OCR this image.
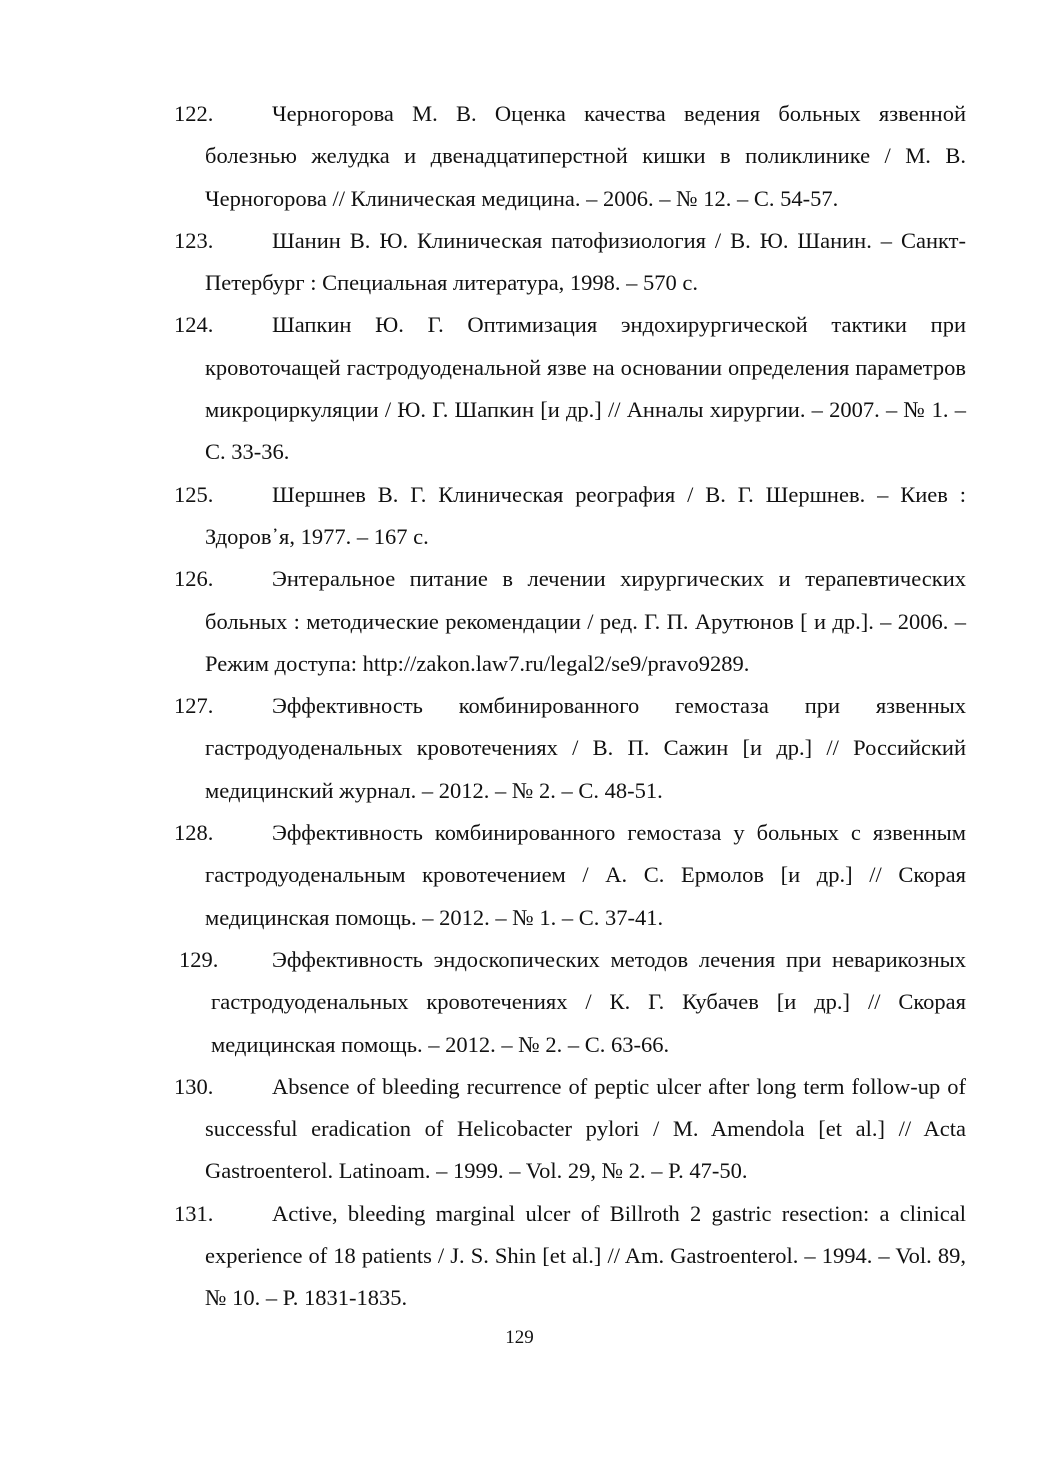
122.	Черногорова М. В. Оценка качества ведения больных язвенной болезнью желудка и двенадцатиперстной кишки в поликлинике / М. В. Черногорова // Клиническая медицина. – 2006. – № 12. – С. 54-57.

123.	Шанин В. Ю. Клиническая патофизиология / В. Ю. Шанин. – Санкт-Петербург : Специальная литература, 1998. – 570 с.

124.	Шапкин Ю. Г. Оптимизация эндохирургической тактики при кровоточащей гастродуоденальной язве на основании определения параметров микроциркуляции / Ю. Г. Шапкин [и др.] // Анналы хирургии. – 2007. – № 1. – С. 33-36.

125.	Шершнев В. Г. Клиническая реография / В. Г. Шершнев. – Киев : Здоров᾽я, 1977. – 167 с.

126.	Энтеральное питание в лечении хирургических и терапевтических больных : методические рекомендации / ред. Г. П. Арутюнов [ и др.]. – 2006. – Режим доступа: http://zakon.law7.ru/legal2/se9/pravo9289.

127.	Эффективность комбинированного гемостаза при язвенных гастродуоденальных кровотечениях / В. П. Сажин [и др.] // Российский медицинский журнал. – 2012. – № 2. – С. 48-51.

128.	Эффективность комбинированного гемостаза у больных с язвенным гастродуоденальным кровотечением / А. С. Ермолов [и др.] // Скорая медицинская помощь. – 2012. – № 1. – С. 37-41.

129.	Эффективность эндоскопических методов лечения при неварикозных гастродуоденальных кровотечениях / К. Г. Кубачев [и др.] // Скорая медицинская помощь. – 2012. – № 2. – С. 63-66.

130.	Absence of bleeding recurrence of peptic ulcer after long term follow-up of successful eradication of Helicobacter pylori / M. Amendola [et al.] // Acta Gastroenterol. Latinoam. – 1999. – Vol. 29, № 2. – P. 47-50.

131.	Active, bleeding marginal ulcer of Billroth 2 gastric resection: a clinical experience of 18 patients / J. S. Shin [et al.] // Am. Gastroenterol. – 1994. – Vol. 89, № 10. – P. 1831-1835.

129
